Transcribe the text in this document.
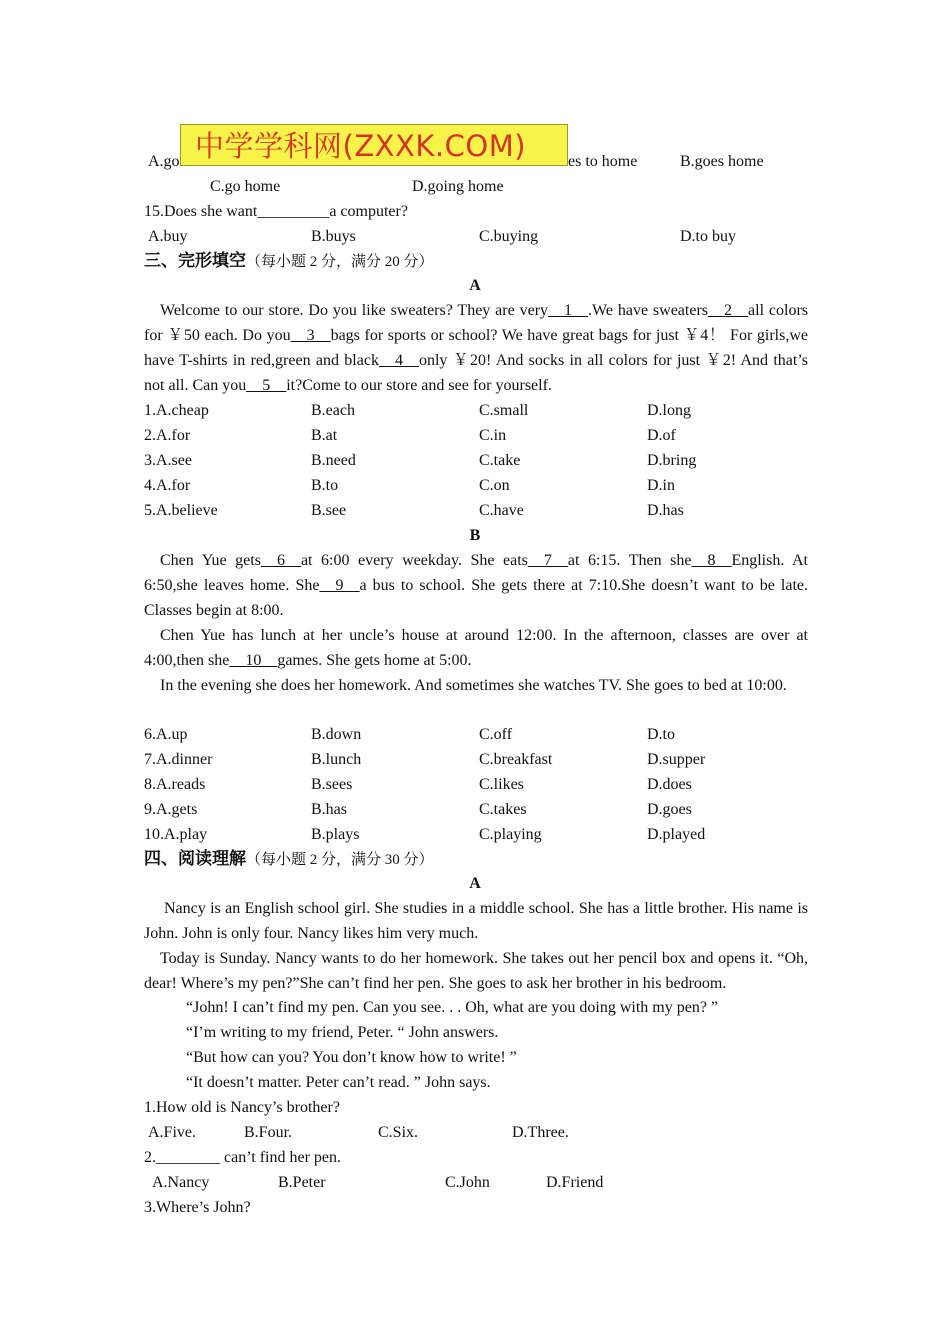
A.go	es to home	B.goes home
C.go home	D.going home
中学学科网(ZXXK.COM)
15.Does she want_________a computer?
A.buy	B.buys	C.buying	D.to buy
三、完形填空（每小题 2 分，满分 20 分）
A
Welcome to our store. Do you like sweaters? They are very__1__.We have sweaters__2__all colors for ￥50 each. Do you__3__bags for sports or school? We have great bags for just ￥4！ For girls,we have T-shirts in red,green and black__4__only ￥20! And socks in all colors for just ￥2! And that’s not all. Can you__5__it?Come to our store and see for yourself.
1.A.cheap	B.each	C.small	D.long
2.A.for	B.at	C.in	D.of
3.A.see	B.need	C.take	D.bring
4.A.for	B.to	C.on	D.in
5.A.believe	B.see	C.have	D.has
B
Chen Yue gets__6__at 6:00 every weekday. She eats__7__at 6:15. Then she__8__English. At 6:50,she leaves home. She__9__a bus to school. She gets there at 7:10.She doesn’t want to be late. Classes begin at 8:00.
Chen Yue has lunch at her uncle’s house at around 12:00. In the afternoon, classes are over at 4:00,then she__10__games. She gets home at 5:00.
In the evening she does her homework. And sometimes she watches TV. She goes to bed at 10:00.
6.A.up	B.down	C.off	D.to
7.A.dinner	B.lunch	C.breakfast	D.supper
8.A.reads	B.sees	C.likes	D.does
9.A.gets	B.has	C.takes	D.goes
10.A.play	B.plays	C.playing	D.played
四、阅读理解（每小题 2 分，满分 30 分）
A
Nancy is an English school girl. She studies in a middle school. She has a little brother. His name is John. John is only four. Nancy likes him very much.
Today is Sunday. Nancy wants to do her homework. She takes out her pencil box and opens it. “Oh, dear! Where’s my pen?”She can’t find her pen. She goes to ask her brother in his bedroom.
“John! I can’t find my pen. Can you see. . . Oh, what are you doing with my pen? ”
“I’m writing to my friend, Peter. “ John answers.
“But how can you? You don’t know how to write! ”
“It doesn’t matter. Peter can’t read. ” John says.
1.How old is Nancy’s brother?
A.Five.	B.Four.	C.Six.	D.Three.
2.________ can’t find her pen.
A.Nancy	B.Peter	C.John	D.Friend
3.Where’s John?
